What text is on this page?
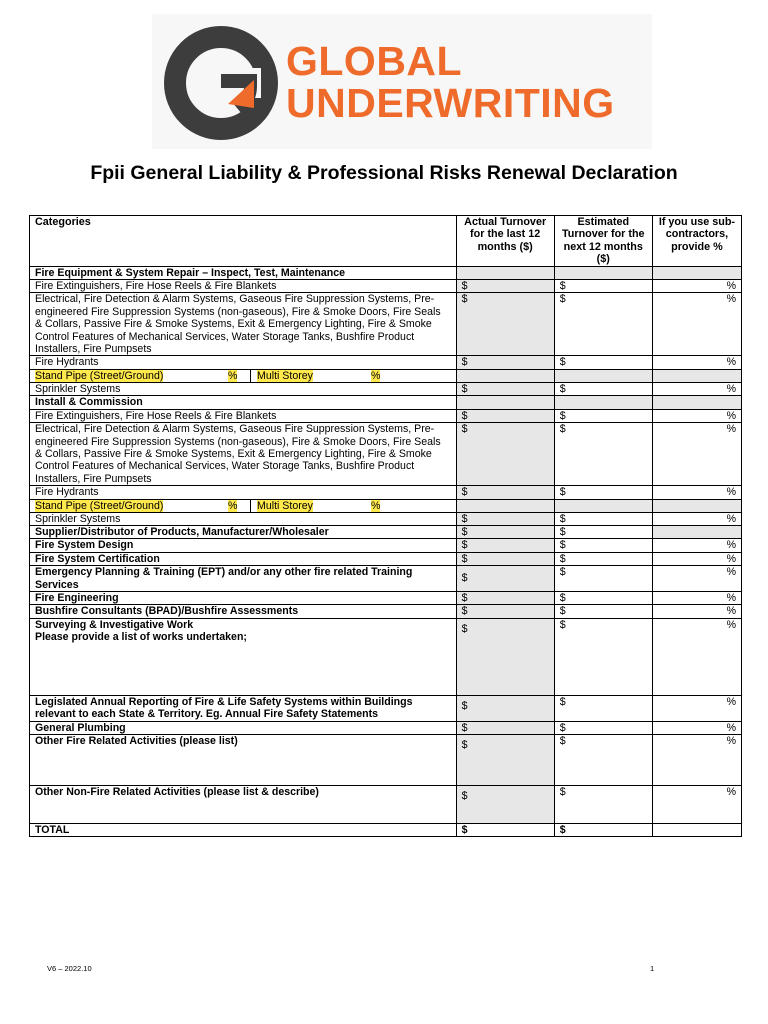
GLOBAL
UNDERWRITING
Fpii General Liability & Professional Risks Renewal Declaration
Categories	Actual Turnover for the last 12 months ($)	Estimated Turnover for the next 12 months ($)	If you use sub-contractors, provide %
Fire Equipment & System Repair – Inspect, Test, Maintenance			
Fire Extinguishers, Fire Hose Reels & Fire Blankets	$	$	%
Electrical, Fire Detection & Alarm Systems, Gaseous Fire Suppression Systems, Pre-engineered Fire Suppression Systems (non-gaseous), Fire & Smoke Doors, Fire Seals & Collars, Passive Fire & Smoke Systems, Exit & Emergency Lighting, Fire & Smoke Control Features of Mechanical Services, Water Storage Tanks, Bushfire Product Installers, Fire Pumpsets	$	$	%
Fire Hydrants	$	$	%

Stand Pipe (Street/Ground) % Multi Storey %			

Sprinkler Systems	$	$	%
Install & Commission			
Fire Extinguishers, Fire Hose Reels & Fire Blankets	$	$	%
Electrical, Fire Detection & Alarm Systems, Gaseous Fire Suppression Systems, Pre-engineered Fire Suppression Systems (non-gaseous), Fire & Smoke Doors, Fire Seals & Collars, Passive Fire & Smoke Systems, Exit & Emergency Lighting, Fire & Smoke Control Features of Mechanical Services, Water Storage Tanks, Bushfire Product Installers, Fire Pumpsets	$	$	%
Fire Hydrants	$	$	%

Stand Pipe (Street/Ground) % Multi Storey %			

Sprinkler Systems	$	$	%
Supplier/Distributor of Products, Manufacturer/Wholesaler	$	$	
Fire System Design	$	$	%
Fire System Certification	$	$	%
Emergency Planning & Training (EPT) and/or any other fire related Training Services	$	$	%
Fire Engineering	$	$	%
Bushfire Consultants (BPAD)/Bushfire Assessments	$	$	%

Surveying & Investigative Work
Please provide a list of works undertaken;	$	$	%
Legislated Annual Reporting of Fire & Life Safety Systems within Buildings relevant to each State & Territory. Eg. Annual Fire Safety Statements	$	$	%
General Plumbing	$	$	%
Other Fire Related Activities (please list)	$	$	%
Other Non-Fire Related Activities (please list & describe)	$	$	%
TOTAL	$	$	
V6 – 2022.10	1
